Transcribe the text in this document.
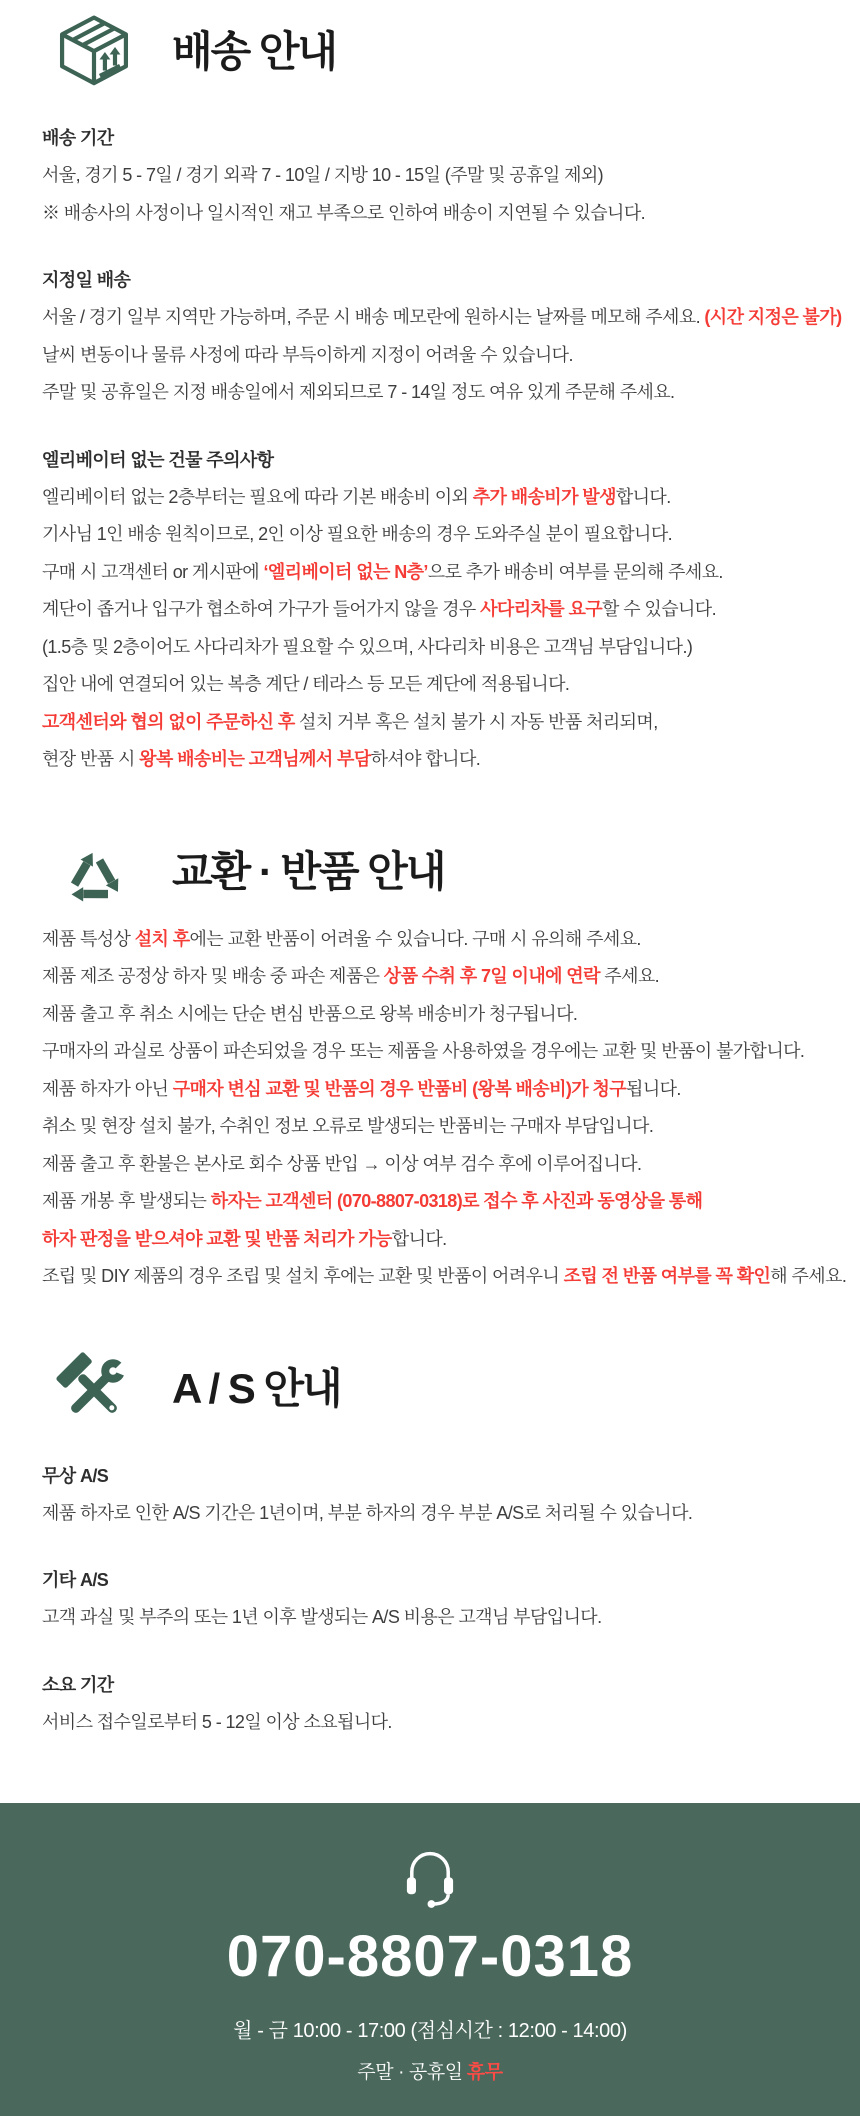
배송 안내
배송 기간

서울, 경기 5 - 7일 / 경기 외곽 7 - 10일 / 지방 10 - 15일 (주말 및 공휴일 제외)

※ 배송사의 사정이나 일시적인 재고 부족으로 인하여 배송이 지연될 수 있습니다.

지정일 배송

서울 / 경기 일부 지역만 가능하며, 주문 시 배송 메모란에 원하시는 날짜를 메모해 주세요. (시간 지정은 불가)

날씨 변동이나 물류 사정에 따라 부득이하게 지정이 어려울 수 있습니다.

주말 및 공휴일은 지정 배송일에서 제외되므로 7 - 14일 정도 여유 있게 주문해 주세요.

엘리베이터 없는 건물 주의사항

엘리베이터 없는 2층부터는 필요에 따라 기본 배송비 이외 추가 배송비가 발생합니다.

기사님 1인 배송 원칙이므로, 2인 이상 필요한 배송의 경우 도와주실 분이 필요합니다.

구매 시 고객센터 or 게시판에 ‘엘리베이터 없는 N층’으로 추가 배송비 여부를 문의해 주세요.

계단이 좁거나 입구가 협소하여 가구가 들어가지 않을 경우 사다리차를 요구할 수 있습니다.

(1.5층 및 2층이어도 사다리차가 필요할 수 있으며, 사다리차 비용은 고객님 부담입니다.)

집안 내에 연결되어 있는 복층 계단 / 테라스 등 모든 계단에 적용됩니다.

고객센터와 협의 없이 주문하신 후 설치 거부 혹은 설치 불가 시 자동 반품 처리되며,

현장 반품 시 왕복 배송비는 고객님께서 부담하셔야 합니다.

교환 · 반품 안내

제품 특성상 설치 후에는 교환 반품이 어려울 수 있습니다. 구매 시 유의해 주세요.

제품 제조 공정상 하자 및 배송 중 파손 제품은 상품 수취 후 7일 이내에 연락 주세요.

제품 출고 후 취소 시에는 단순 변심 반품으로 왕복 배송비가 청구됩니다.

구매자의 과실로 상품이 파손되었을 경우 또는 제품을 사용하였을 경우에는 교환 및 반품이 불가합니다.

제품 하자가 아닌 구매자 변심 교환 및 반품의 경우 반품비 (왕복 배송비)가 청구됩니다.

취소 및 현장 설치 불가, 수취인 정보 오류로 발생되는 반품비는 구매자 부담입니다.

제품 출고 후 환불은 본사로 회수 상품 반입 → 이상 여부 검수 후에 이루어집니다.

제품 개봉 후 발생되는 하자는 고객센터 (070-8807-0318)로 접수 후 사진과 동영상을 통해

하자 판정을 받으셔야 교환 및 반품 처리가 가능합니다.

조립 및 DIY 제품의 경우 조립 및 설치 후에는 교환 및 반품이 어려우니 조립 전 반품 여부를 꼭 확인해 주세요.

A / S 안내
무상 A/S

제품 하자로 인한 A/S 기간은 1년이며, 부분 하자의 경우 부분 A/S로 처리될 수 있습니다.

기타 A/S

고객 과실 및 부주의 또는 1년 이후 발생되는 A/S 비용은 고객님 부담입니다.

소요 기간

서비스 접수일로부터 5 - 12일 이상 소요됩니다.

070-8807-0318
월 - 금 10:00 - 17:00 (점심시간 : 12:00 - 14:00)
주말 · 공휴일 휴무
